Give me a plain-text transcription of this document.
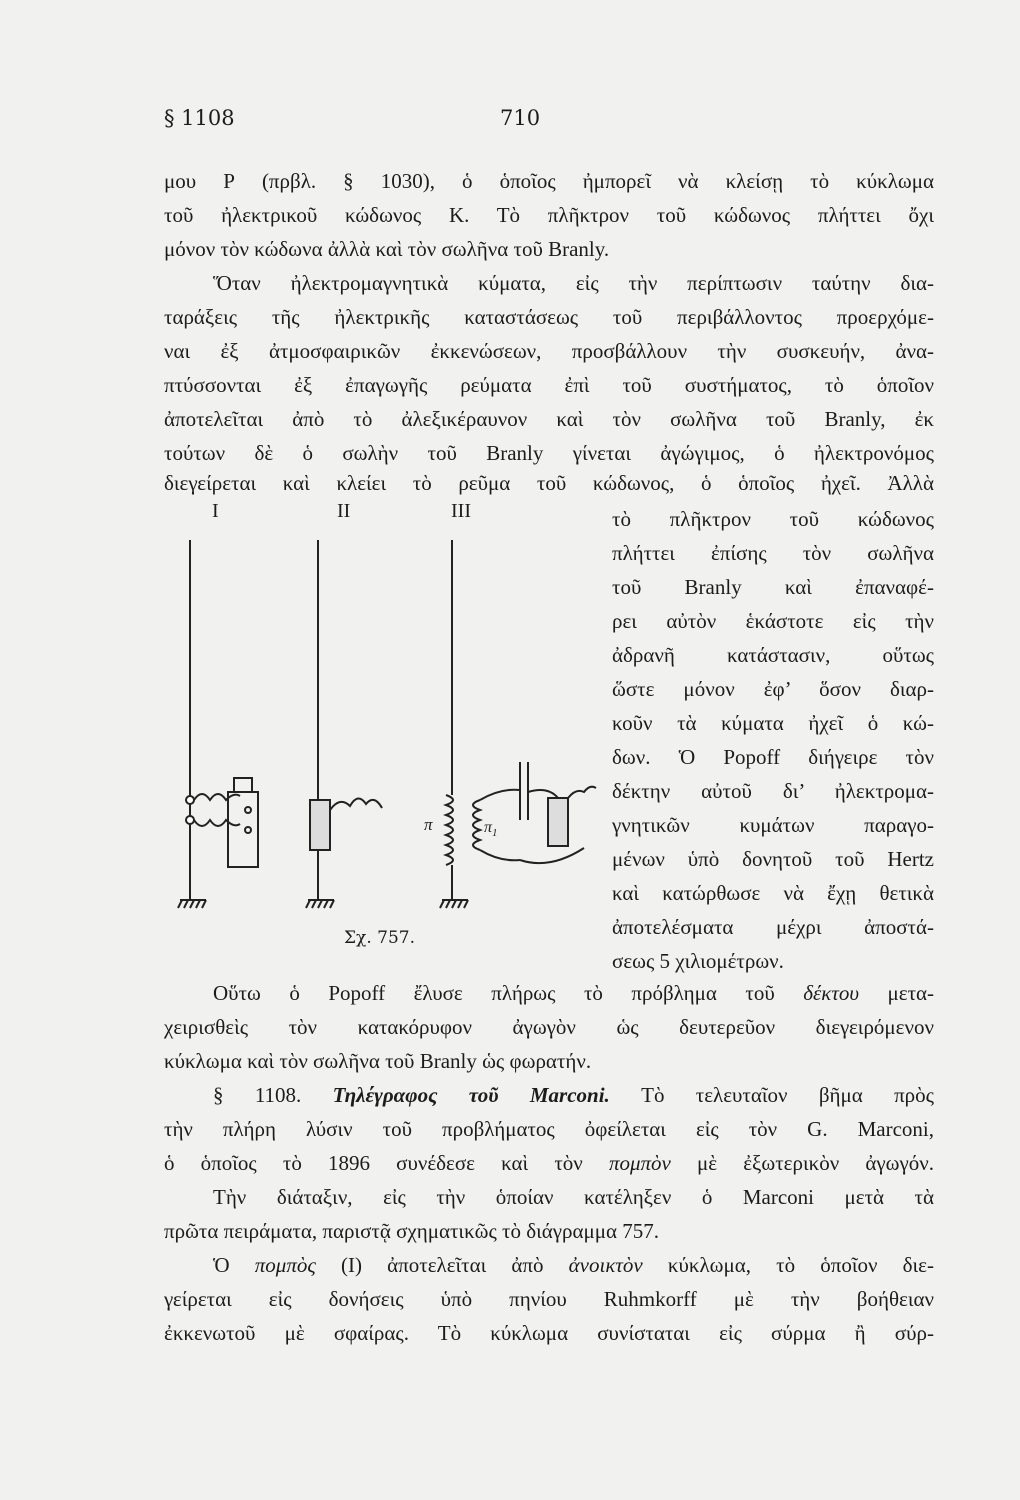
§ 1108	710
μου Ρ (πρβλ. § 1030), ὁ ὁποῖος ἠμπορεῖ νὰ κλείσῃ τὸ κύκλωμα
τοῦ ἠλεκτρικοῦ κώδωνος Κ. Τὸ πλῆκτρον τοῦ κώδωνος πλήττει ὄχι
μόνον τὸν κώδωνα ἀλλὰ καὶ τὸν σωλῆνα τοῦ Branly.
Ὅταν ἠλεκτρομαγνητικὰ κύματα, εἰς τὴν περίπτωσιν ταύτην δια-
ταράξεις τῆς ἠλεκτρικῆς καταστάσεως τοῦ περιβάλλοντος προερχόμε-
ναι ἐξ ἀτμοσφαιρικῶν ἐκκενώσεων, προσβάλλουν τὴν συσκευήν, ἀνα-
πτύσσονται ἐξ ἐπαγωγῆς ρεύματα ἐπὶ τοῦ συστήματος, τὸ ὁποῖον
ἀποτελεῖται ἀπὸ τὸ ἀλεξικέραυνον καὶ τὸν σωλῆνα τοῦ Branly, ἐκ
τούτων δὲ ὁ σωλὴν τοῦ Branly γίνεται ἀγώγιμος, ὁ ἠλεκτρονόμος
διεγείρεται καὶ κλείει τὸ ρεῦμα τοῦ κώδωνος, ὁ ὁποῖος ἠχεῖ. Ἀλλὰ
I	II	III	τὸ πλῆκτρον τοῦ κώδωνος
πλήττει ἐπίσης τὸν σωλῆνα
τοῦ Branly καὶ ἐπαναφέ-
ρει αὐτὸν ἑκάστοτε εἰς τὴν
ἀδρανῆ κατάστασιν, οὕτως
ὥστε μόνον ἐφ’ ὅσον διαρ-
κοῦν τὰ κύματα ἠχεῖ ὁ κώ-
δων. Ὁ Popoff διήγειρε τὸν
δέκτην αὐτοῦ δι’ ἠλεκτρομα-
γνητικῶν κυμάτων παραγο-
μένων ὑπὸ δονητοῦ τοῦ Hertz
καὶ κατώρθωσε νὰ ἔχῃ θετικὰ
ἀποτελέσματα μέχρι ἀποστά-
σεως 5 χιλιομέτρων.
π	$\pi_1$
Σχ. 757.
Οὕτω ὁ Popoff ἔλυσε πλήρως τὸ πρόβλημα τοῦ δέκτου μετα-
χειρισθεὶς τὸν κατακόρυφον ἀγωγὸν ὡς δευτερεῦον διεγειρόμενον
κύκλωμα καὶ τὸν σωλῆνα τοῦ Branly ὡς φωρατήν.
§ 1108. Τηλέγραφος τοῦ Marconi. Τὸ τελευταῖον βῆμα πρὸς
τὴν πλήρη λύσιν τοῦ προβλήματος ὀφείλεται εἰς τὸν G. Marconi,
ὁ ὁποῖος τὸ 1896 συνέδεσε καὶ τὸν πομπὸν μὲ ἐξωτερικὸν ἀγωγόν.
Τὴν διάταξιν, εἰς τὴν ὁποίαν κατέληξεν ὁ Marconi μετὰ τὰ
πρῶτα πειράματα, παριστᾷ σχηματικῶς τὸ διάγραμμα 757.
Ὁ πομπὸς (I) ἀποτελεῖται ἀπὸ ἀνοικτὸν κύκλωμα, τὸ ὁποῖον διε-
γείρεται εἰς δονήσεις ὑπὸ πηνίου Ruhmkorff μὲ τὴν βοήθειαν
ἐκκενωτοῦ μὲ σφαίρας. Τὸ κύκλωμα συνίσταται εἰς σύρμα ἢ σύρ-
